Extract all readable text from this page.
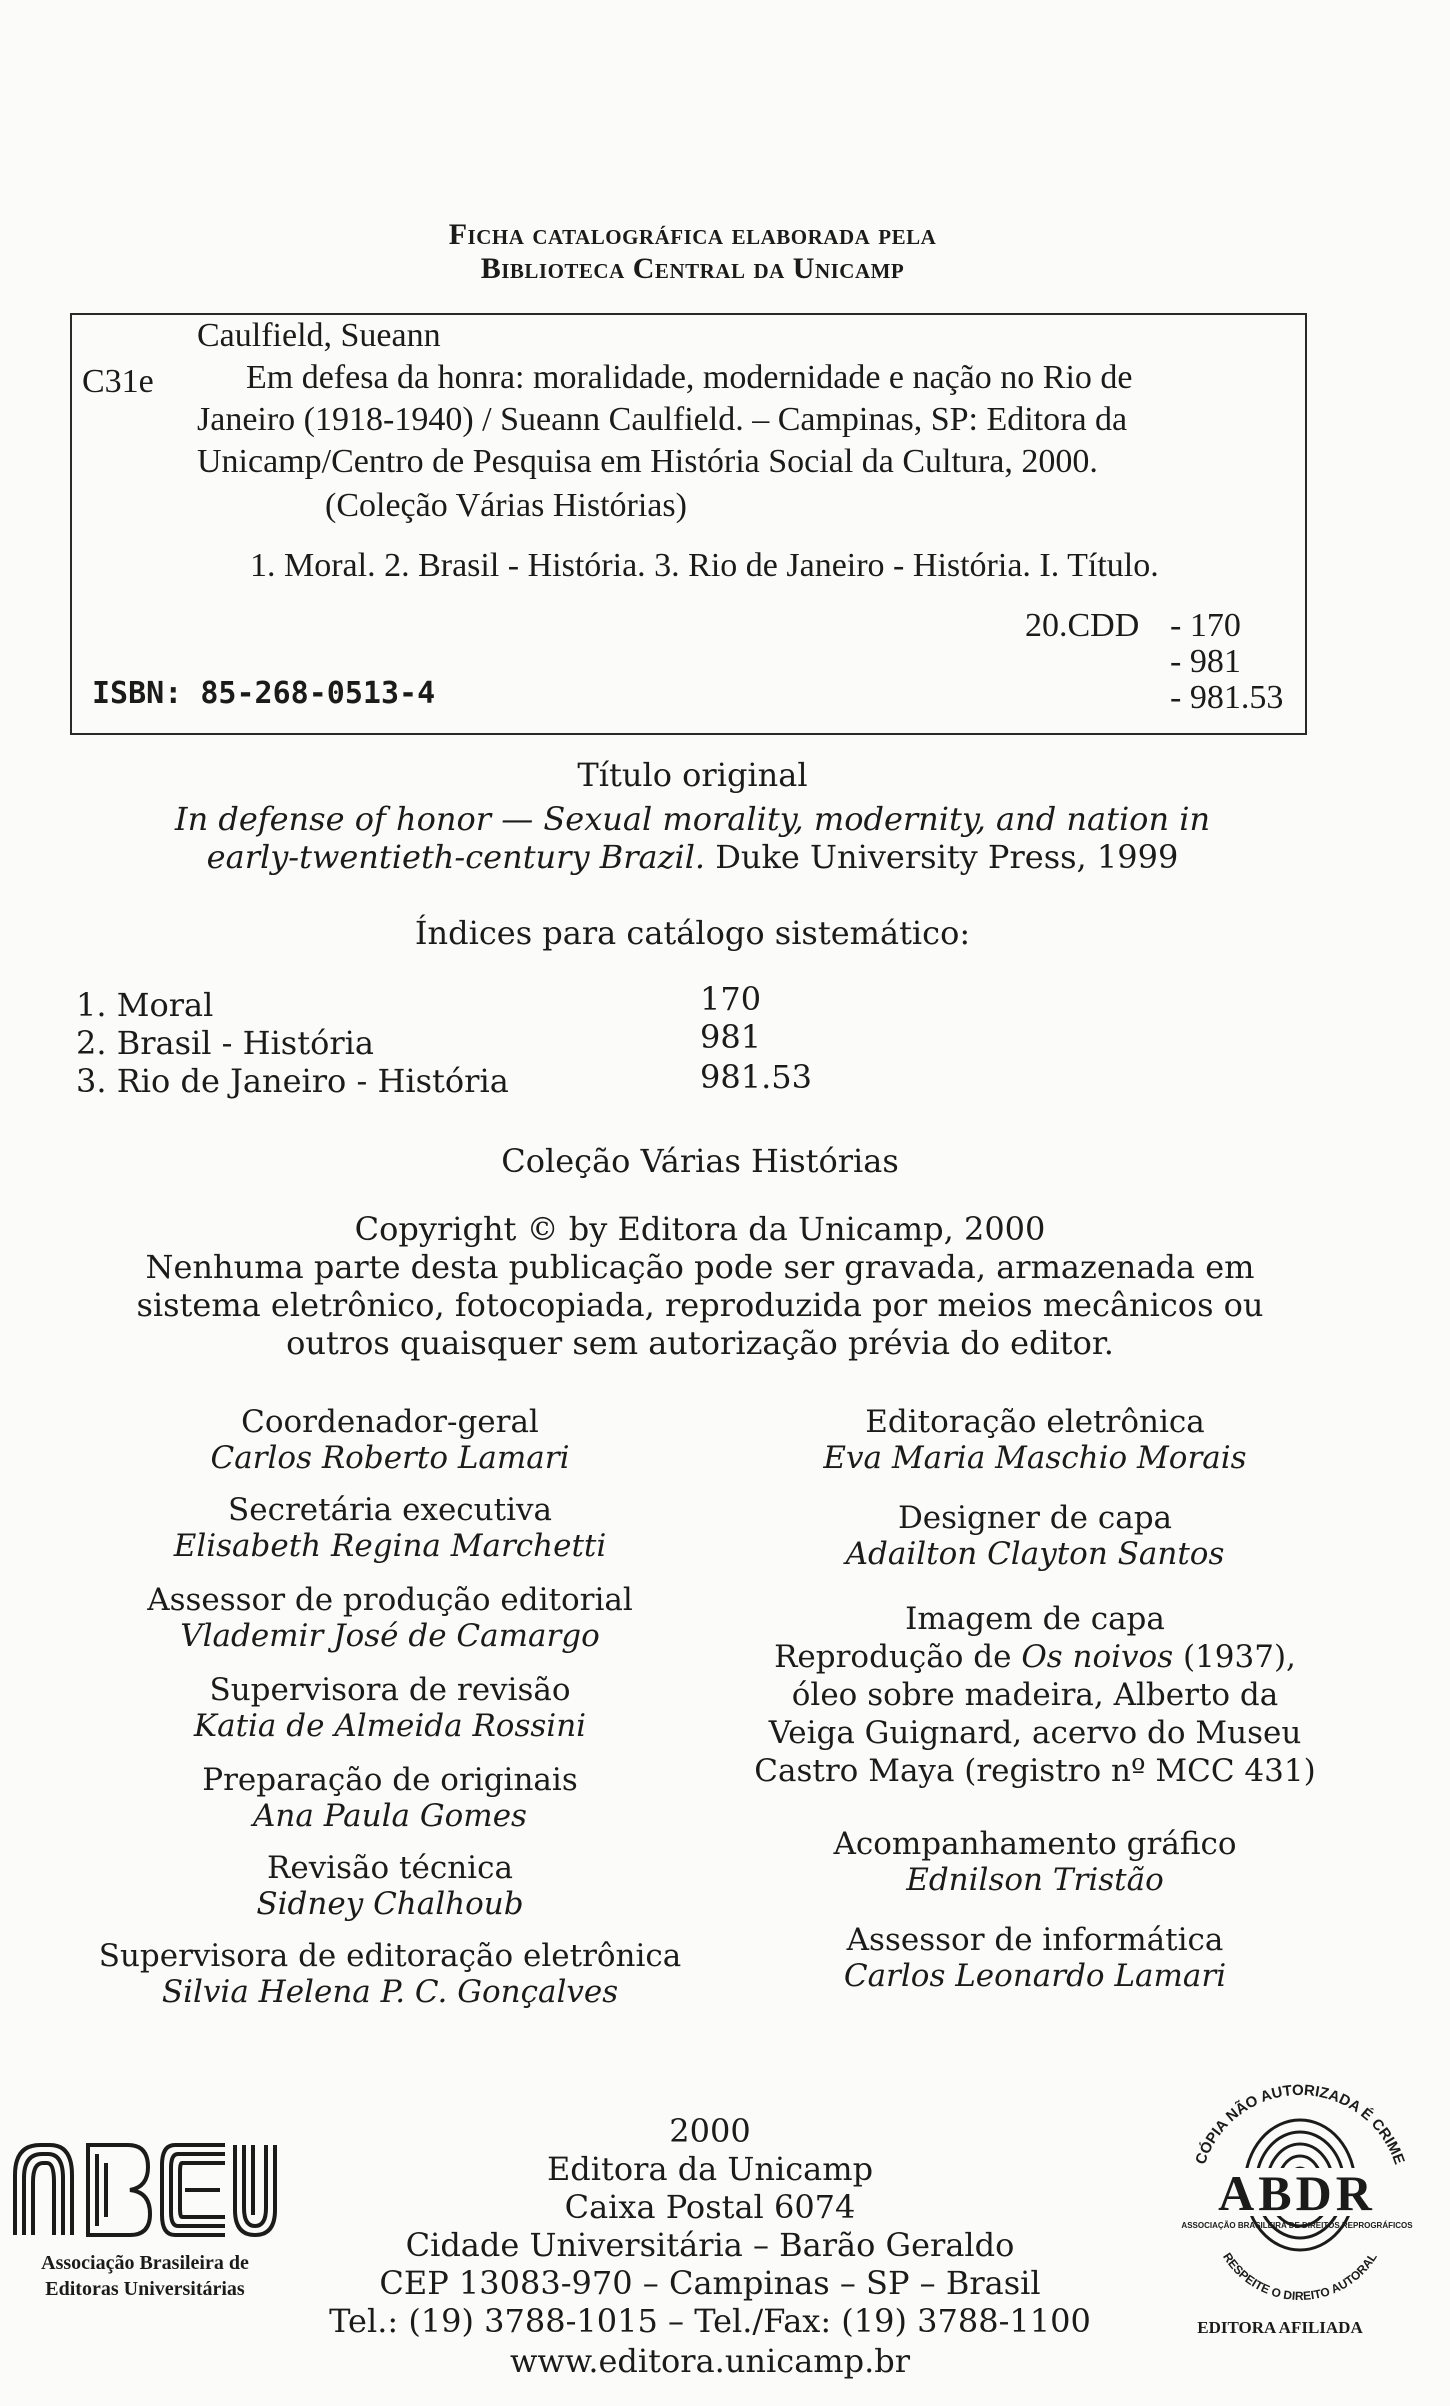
Ficha catalográfica elaborada pela
Biblioteca Central da Unicamp
Caulfield, Sueann
C31e	Em defesa da honra: moralidade, modernidade e nação no Rio de
Janeiro (1918-1940) / Sueann Caulfield. – Campinas, SP: Editora da
Unicamp/Centro de Pesquisa em História Social da Cultura, 2000.
(Coleção Várias Histórias)
1. Moral. 2. Brasil - História. 3. Rio de Janeiro - História. I. Título.
20.CDD - 170
- 981
- 981.53
ISBN: 85-268-0513-4
Título original
In defense of honor — Sexual morality, modernity, and nation in
early-twentieth-century Brazil. Duke University Press, 1999
Índices para catálogo sistemático:
1. Moral	170
2. Brasil - História	981
3. Rio de Janeiro - História	981.53
Coleção Várias Histórias
Copyright © by Editora da Unicamp, 2000
Nenhuma parte desta publicação pode ser gravada, armazenada em
sistema eletrônico, fotocopiada, reproduzida por meios mecânicos ou
outros quaisquer sem autorização prévia do editor.
Coordenador-geral
Carlos Roberto Lamari
Secretária executiva
Elisabeth Regina Marchetti
Assessor de produção editorial
Vlademir José de Camargo
Supervisora de revisão
Katia de Almeida Rossini
Preparação de originais
Ana Paula Gomes
Revisão técnica
Sidney Chalhoub
Supervisora de editoração eletrônica
Silvia Helena P. C. Gonçalves
Editoração eletrônica
Eva Maria Maschio Morais
Designer de capa
Adailton Clayton Santos
Imagem de capa
Reprodução de Os noivos (1937),
óleo sobre madeira, Alberto da
Veiga Guignard, acervo do Museu
Castro Maya (registro nº MCC 431)
Acompanhamento gráfico
Ednilson Tristão
Assessor de informática
Carlos Leonardo Lamari
2000
Editora da Unicamp
Caixa Postal 6074
Cidade Universitária – Barão Geraldo
CEP 13083-970 – Campinas – SP – Brasil
Tel.: (19) 3788-1015 – Tel./Fax: (19) 3788-1100
www.editora.unicamp.br
Associação Brasileira de
Editoras Universitárias
CÓPIA NÃO AUTORIZADA É CRIME
RESPEITE O DIREITO AUTORAL
ABDR
ASSOCIAÇÃO BRASILEIRA DE DIREITOS REPROGRÁFICOS
EDITORA AFILIADA
